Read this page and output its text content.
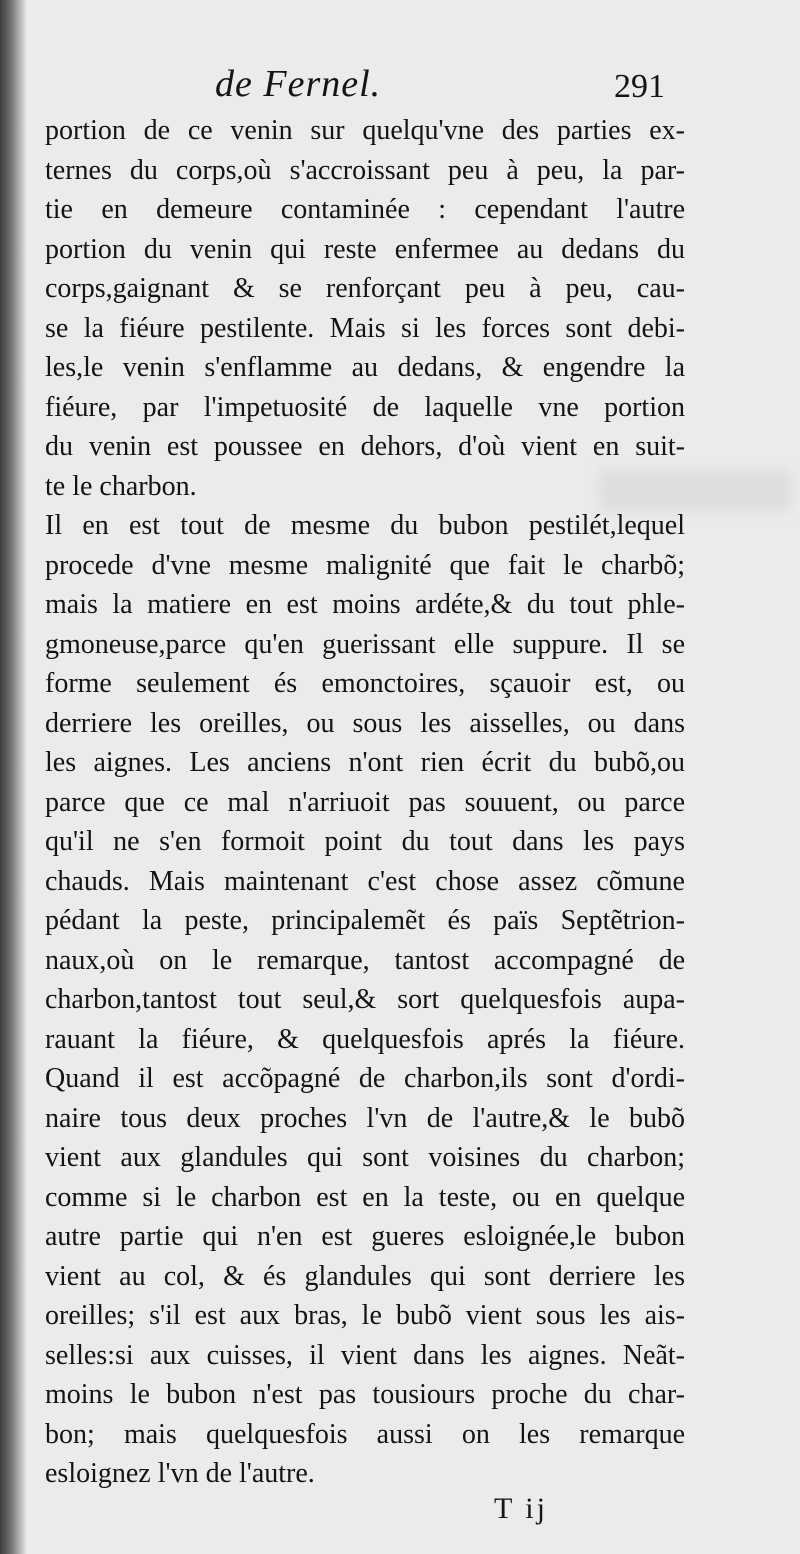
de Fernel.	291
portion de ce venin sur quelqu'vne des parties ex-
ternes du corps,où s'accroissant peu à peu, la par-
tie en demeure contaminée : cependant l'autre
portion du venin qui reste enfermee au dedans du
corps,gaignant & se renforçant peu à peu, cau-
se la fiéure pestilente. Mais si les forces sont debi-
les,le venin s'enflamme au dedans, & engendre la
fiéure, par l'impetuosité de laquelle vne portion
du venin est poussee en dehors, d'où vient en suit-
te le charbon.
Il en est tout de mesme du bubon pestilét,lequel
procede d'vne mesme malignité que fait le charbõ;
mais la matiere en est moins ardéte,& du tout phle-
gmoneuse,parce qu'en guerissant elle suppure. Il se
forme seulement és emonctoires, sçauoir est, ou
derriere les oreilles, ou sous les aisselles, ou dans
les aignes. Les anciens n'ont rien écrit du bubõ,ou
parce que ce mal n'arriuoit pas souuent, ou parce
qu'il ne s'en formoit point du tout dans les pays
chauds. Mais maintenant c'est chose assez cõmune
pédant la peste, principalemẽt és païs Septẽtrion-
naux,où on le remarque, tantost accompagné de
charbon,tantost tout seul,& sort quelquesfois aupa-
rauant la fiéure, & quelquesfois aprés la fiéure.
Quand il est accõpagné de charbon,ils sont d'ordi-
naire tous deux proches l'vn de l'autre,& le bubõ
vient aux glandules qui sont voisines du charbon;
comme si le charbon est en la teste, ou en quelque
autre partie qui n'en est gueres esloignée,le bubon
vient au col, & és glandules qui sont derriere les
oreilles; s'il est aux bras, le bubõ vient sous les ais-
selles:si aux cuisses, il vient dans les aignes. Neãt-
moins le bubon n'est pas tousiours proche du char-
bon; mais quelquesfois aussi on les remarque
esloignez l'vn de l'autre.
T ij
